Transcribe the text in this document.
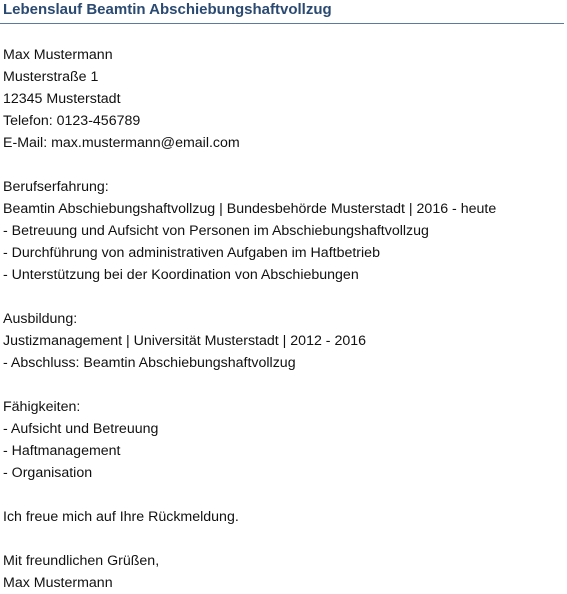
Lebenslauf Beamtin Abschiebungshaftvollzug
Max Mustermann
Musterstraße 1
12345 Musterstadt
Telefon: 0123-456789
E-Mail: max.mustermann@email.com
Berufserfahrung:
Beamtin Abschiebungshaftvollzug | Bundesbehörde Musterstadt | 2016 - heute
- Betreuung und Aufsicht von Personen im Abschiebungshaftvollzug
- Durchführung von administrativen Aufgaben im Haftbetrieb
- Unterstützung bei der Koordination von Abschiebungen
Ausbildung:
Justizmanagement | Universität Musterstadt | 2012 - 2016
- Abschluss: Beamtin Abschiebungshaftvollzug
Fähigkeiten:
- Aufsicht und Betreuung
- Haftmanagement
- Organisation
Ich freue mich auf Ihre Rückmeldung.
Mit freundlichen Grüßen,
Max Mustermann
